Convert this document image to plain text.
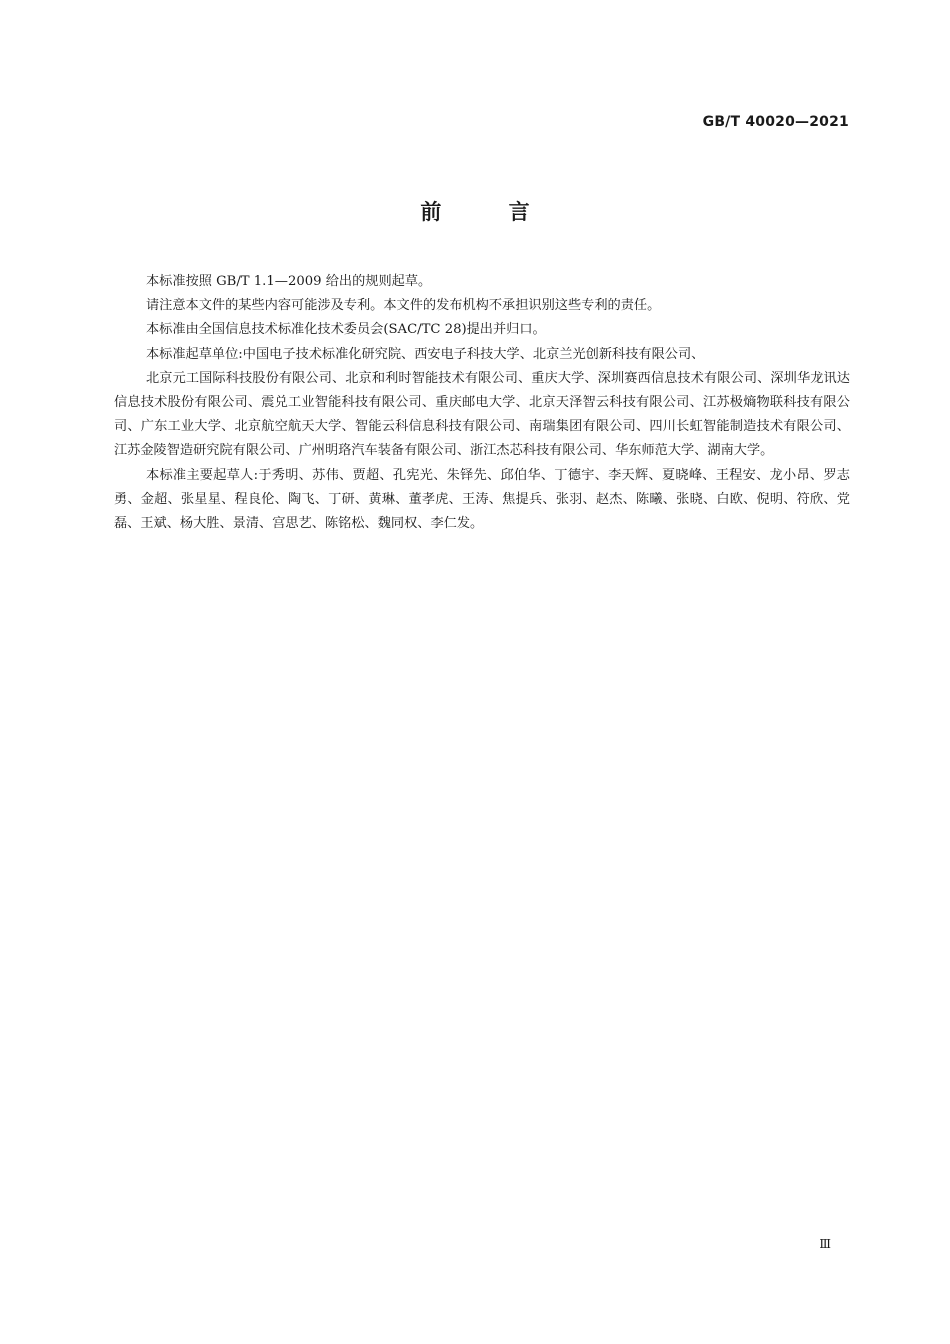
GB/T 40020—2021
前 言

本标准按照 GB/T 1.1—2009 给出的规则起草。

请注意本文件的某些内容可能涉及专利。本文件的发布机构不承担识别这些专利的责任。

本标准由全国信息技术标准化技术委员会(SAC/TC 28)提出并归口。

本标准起草单位:中国电子技术标准化研究院、西安电子科技大学、北京兰光创新科技有限公司、

北京元工国际科技股份有限公司、北京和利时智能技术有限公司、重庆大学、深圳赛西信息技术有限公司、深圳华龙讯达信息技术股份有限公司、震兑工业智能科技有限公司、重庆邮电大学、北京天泽智云科技有限公司、江苏极熵物联科技有限公司、广东工业大学、北京航空航天大学、智能云科信息科技有限公司、南瑞集团有限公司、四川长虹智能制造技术有限公司、江苏金陵智造研究院有限公司、广州明珞汽车装备有限公司、浙江杰芯科技有限公司、华东师范大学、湖南大学。

本标准主要起草人:于秀明、苏伟、贾超、孔宪光、朱铎先、邱伯华、丁德宇、李天辉、夏晓峰、王程安、龙小昂、罗志勇、金超、张星星、程良伦、陶飞、丁研、黄琳、董孝虎、王涛、焦提兵、张羽、赵杰、陈曦、张晓、白欧、倪明、符欣、党磊、王斌、杨大胜、景清、宫思艺、陈铭松、魏同权、李仁发。

Ⅲ
